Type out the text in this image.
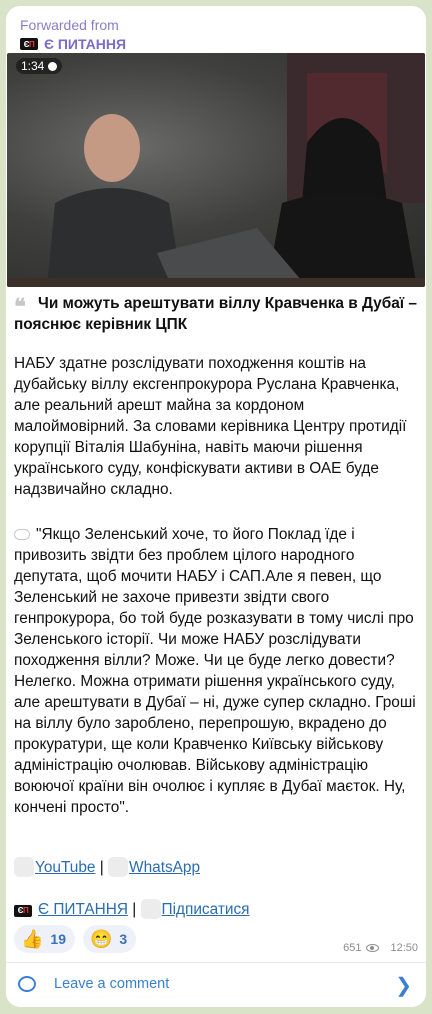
Forwarded from
Є П Є ПИТАННЯ
1:34
❝ Чи можуть арештувати віллу Кравченка в Дубаї – пояснює керівник ЦПК
НАБУ здатне розслідувати походження коштів на дубайську віллу ексгенпрокурора Руслана Кравченка, але реальний арешт майна за кордоном малоймовірний. За словами керівника Центру протидії корупції Віталія Шабуніна, навіть маючи рішення українського суду, конфіскувати активи в ОАЕ буде надзвичайно складно.
"Якщо Зеленський хоче, то його Поклад їде і привозить звідти без проблем цілого народного депутата, щоб мочити НАБУ і САП.Але я певен, що Зеленський не захоче привезти звідти свого генпрокурора, бо той буде розказувати в тому числі про Зеленського історії. Чи може НАБУ розслідувати походження вілли? Може. Чи це буде легко довести? Нелегко. Можна отримати рішення українського суду, але арештувати в Дубаї – ні, дуже супер складно. Гроші на віллу було зароблено, перепрошую, вкрадено до прокуратури, ще коли Кравченко Київську військову адміністрацію очолював. Військову адміністрацію воюючої країни він очолює і купляє в Дубаї маєток. Ну, кончені просто".
YouTube | WhatsApp
Є П Є ПИТАННЯ | Підписатися
👍 19 😁 3
651	12:50
Leave a comment	❯
